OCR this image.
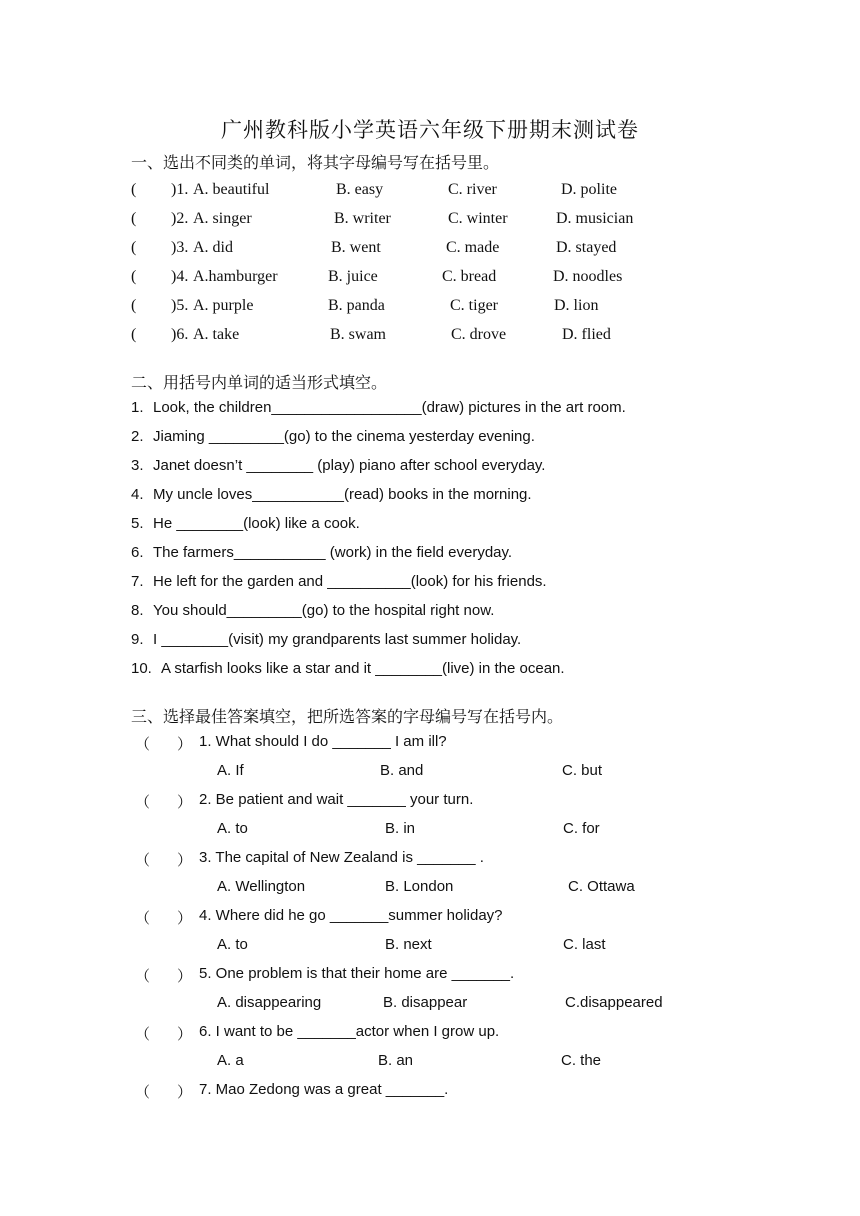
广州教科版小学英语六年级下册期末测试卷
一、选出不同类的单词，将其字母编号写在括号里。
( )1. A. beautiful	B. easy	C. river	D. polite
( )2. A. singer	B. writer	C. winter	D. musician
( )3. A. did	B. went	C. made	D. stayed
( )4. A.hamburger	B. juice	C. bread	D. noodles
( )5. A. purple	B. panda	C. tiger	D. lion
( )6. A. take	B. swam	C. drove	D. flied
二、用括号内单词的适当形式填空。
1. Look, the children__________________(draw) pictures in the art room.
2. Jiaming _________(go) to the cinema yesterday evening.
3. Janet doesn’t ________ (play) piano after school everyday.
4. My uncle loves___________(read) books in the morning.
5. He ________(look) like a cook.
6. The farmers___________ (work) in the field everyday.
7. He left for the garden and __________(look) for his friends.
8. You should_________(go) to the hospital right now.
9. I ________(visit) my grandparents last summer holiday.
10. A starfish looks like a star and it ________(live) in the ocean.
三、选择最佳答案填空，把所选答案的字母编号写在括号内。
（ ） 1. What should I do _______ I am ill?
A. If	B. and	C. but
（ ） 2. Be patient and wait _______ your turn.
A. to	B. in	C. for
（ ） 3. The capital of New Zealand is _______ .
A. Wellington	B. London	C. Ottawa
（ ） 4. Where did he go _______summer holiday?
A. to	B. next	C. last
（ ） 5. One problem is that their home are _______.
A. disappearing	B. disappear	C.disappeared
（ ） 6. I want to be _______actor when I grow up.
A. a	B. an	C. the
（ ） 7. Mao Zedong was a great _______.
